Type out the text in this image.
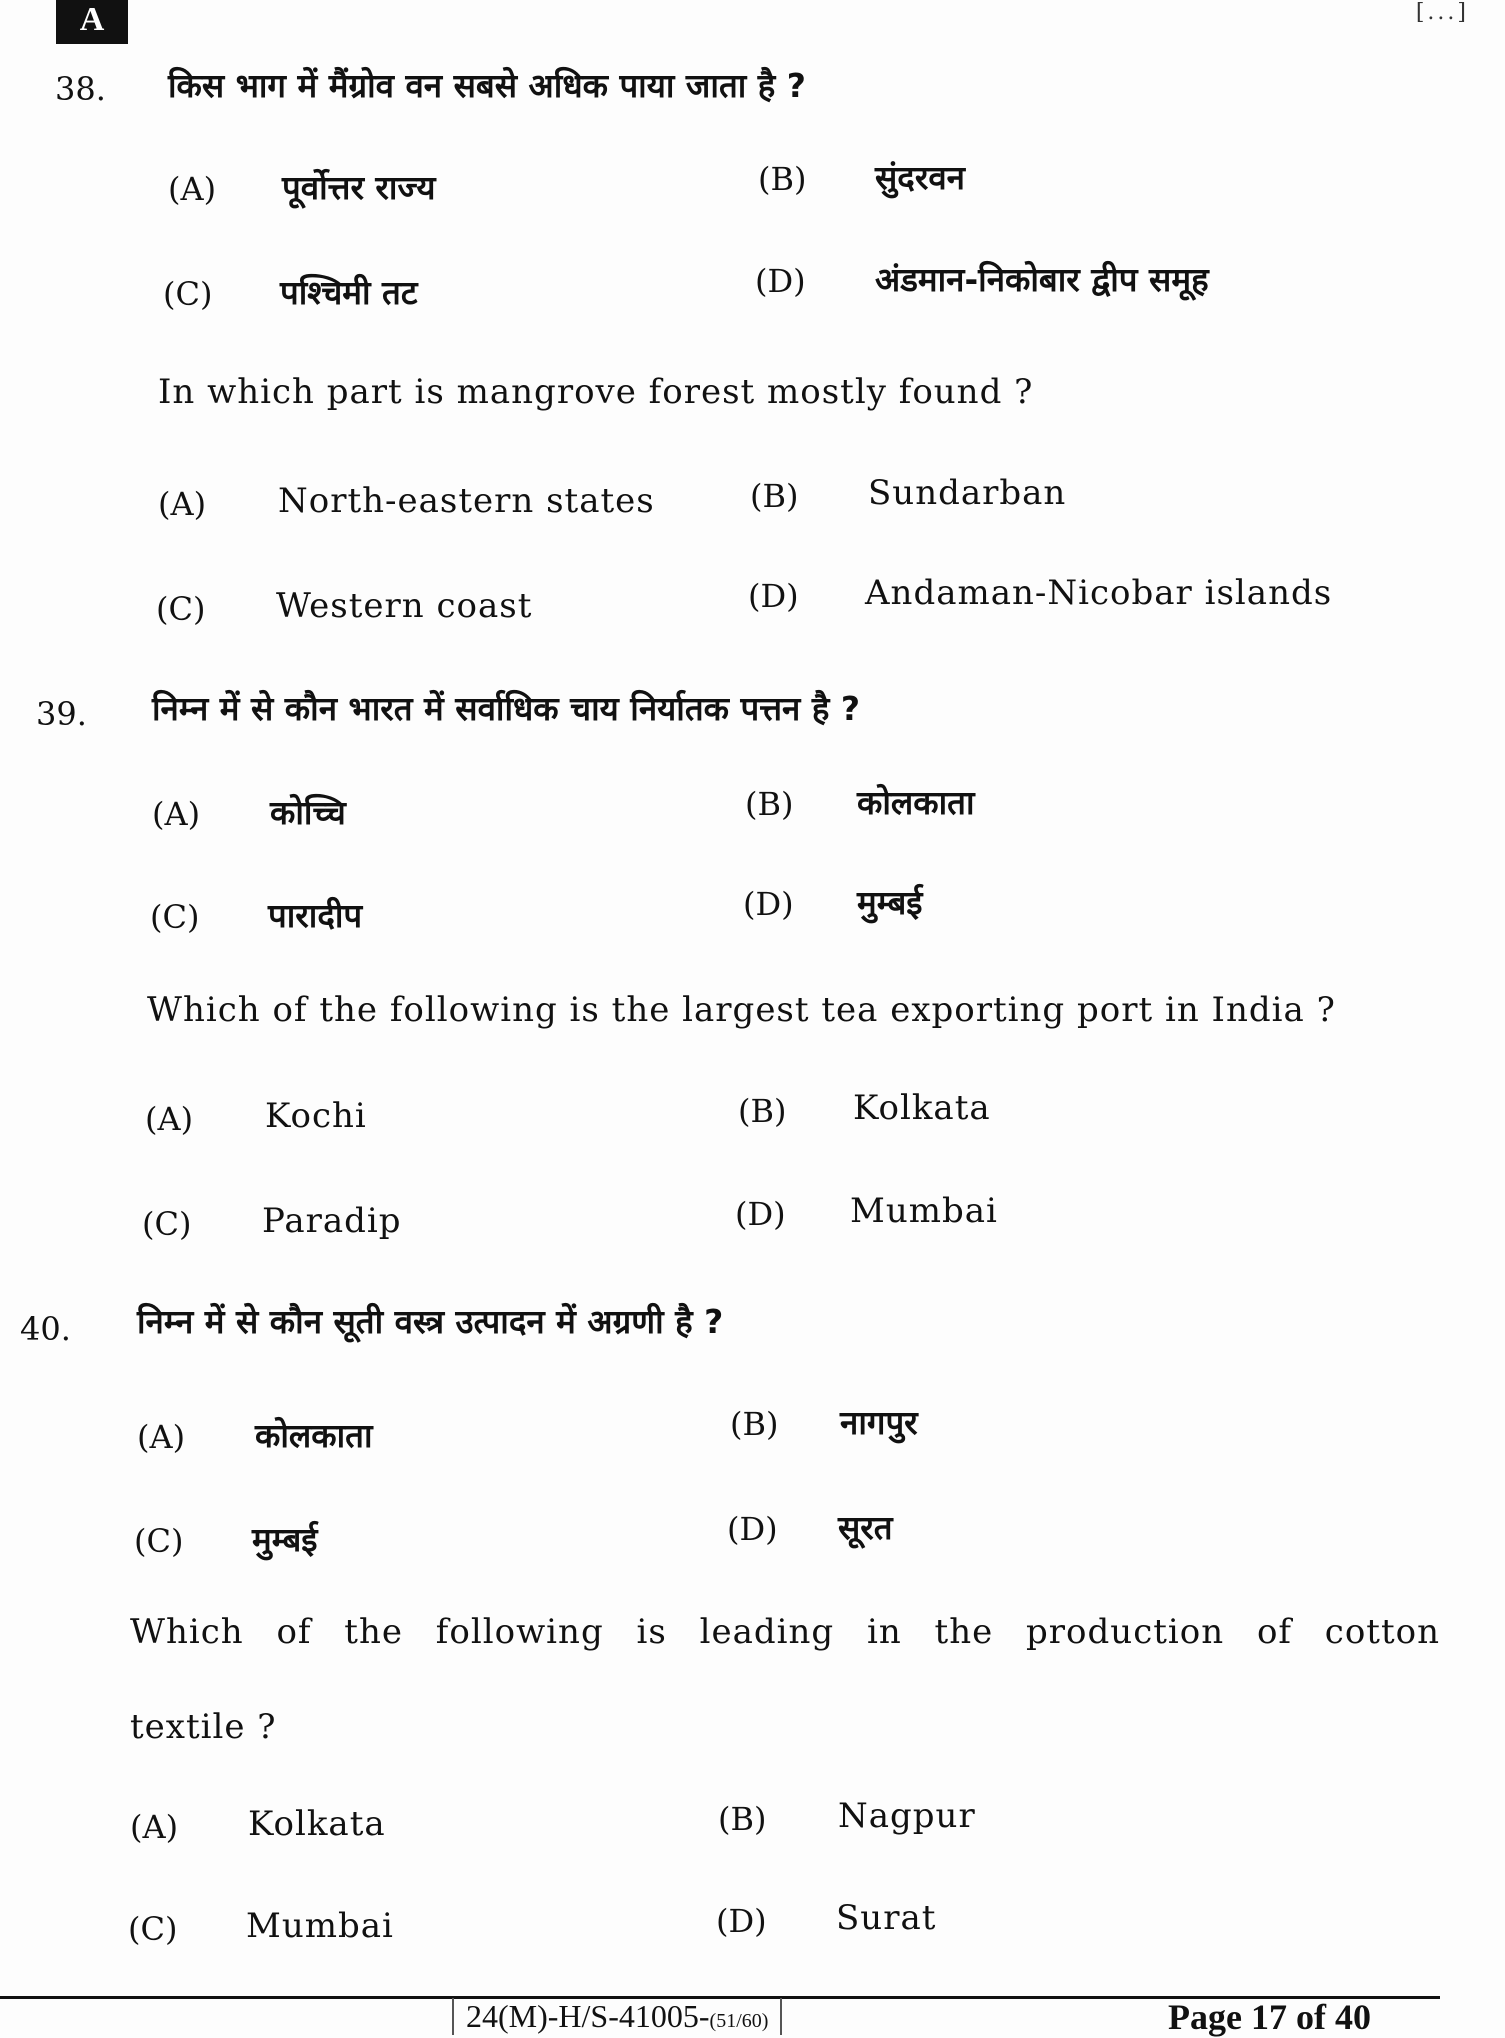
A	[...]
38. किस भाग में मैंग्रोव वन सबसे अधिक पाया जाता है ?
(A) पूर्वोत्तर राज्य	(B) सुंदरवन
(C) पश्चिमी तट	(D) अंडमान-निकोबार द्वीप समूह
In which part is mangrove forest mostly found ?
(A) North-eastern states	(B) Sundarban
(C) Western coast	(D) Andaman-Nicobar islands
39. निम्न में से कौन भारत में सर्वाधिक चाय निर्यातक पत्तन है ?
(A) कोच्चि	(B) कोलकाता
(C) पारादीप	(D) मुम्बई
Which of the following is the largest tea exporting port in India ?
(A) Kochi	(B) Kolkata
(C) Paradip	(D) Mumbai
40. निम्न में से कौन सूती वस्त्र उत्पादन में अग्रणी है ?
(A) कोलकाता	(B) नागपुर
(C) मुम्बई	(D) सूरत
Which of the following is leading in the production of cotton
textile ?
(A) Kolkata	(B) Nagpur
(C) Mumbai	(D) Surat
24(M)-H/S-41005-(51/60)	Page 17 of 40
